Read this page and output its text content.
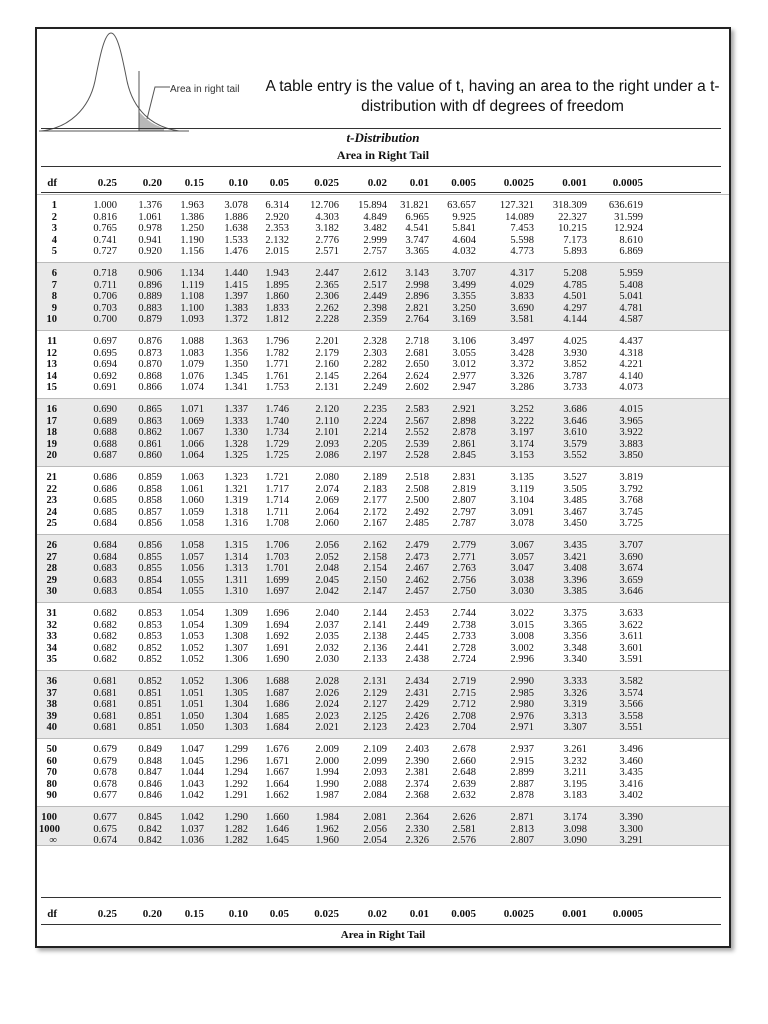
Area in right tail A table entry is the value of t, having an area to the right under a t-distribution with df degrees of freedom
t-Distribution
Area in Right Tail
df	0.25	0.20	0.15	0.10	0.05	0.025	0.02	0.01	0.005	0.0025	0.001	0.0005
1	1.000	1.376	1.963	3.078	6.314	12.706	15.894 31.821	63.657	127.321	318.309	636.619
2	0.816	1.061	1.386	1.886	2.920	4.303	4.849	6.965	9.925	14.089	22.327	31.599
3	0.765	0.978	1.250	1.638	2.353	3.182	3.482	4.541	5.841	7.453	10.215	12.924
4	0.741	0.941	1.190	1.533	2.132	2.776	2.999	3.747	4.604	5.598	7.173	8.610
5	0.727	0.920	1.156	1.476	2.015	2.571	2.757	3.365	4.032	4.773	5.893	6.869
6	0.718	0.906	1.134	1.440	1.943	2.447	2.612	3.143	3.707	4.317	5.208	5.959
7	0.711	0.896	1.119	1.415	1.895	2.365	2.517	2.998	3.499	4.029	4.785	5.408
8	0.706	0.889	1.108	1.397	1.860	2.306	2.449	2.896	3.355	3.833	4.501	5.041
9	0.703	0.883	1.100	1.383	1.833	2.262	2.398	2.821	3.250	3.690	4.297	4.781
10	0.700	0.879	1.093	1.372	1.812	2.228	2.359	2.764	3.169	3.581	4.144	4.587
11	0.697	0.876	1.088	1.363	1.796	2.201	2.328	2.718	3.106	3.497	4.025	4.437
12	0.695	0.873	1.083	1.356	1.782	2.179	2.303	2.681	3.055	3.428	3.930	4.318
13	0.694	0.870	1.079	1.350	1.771	2.160	2.282	2.650	3.012	3.372	3.852	4.221
14	0.692	0.868	1.076	1.345	1.761	2.145	2.264	2.624	2.977	3.326	3.787	4.140
15	0.691	0.866	1.074	1.341	1.753	2.131	2.249	2.602	2.947	3.286	3.733	4.073
16	0.690	0.865	1.071	1.337	1.746	2.120	2.235	2.583	2.921	3.252	3.686	4.015
17	0.689	0.863	1.069	1.333	1.740	2.110	2.224	2.567	2.898	3.222	3.646	3.965
18	0.688	0.862	1.067	1.330	1.734	2.101	2.214	2.552	2.878	3.197	3.610	3.922
19	0.688	0.861	1.066	1.328	1.729	2.093	2.205	2.539	2.861	3.174	3.579	3.883
20	0.687	0.860	1.064	1.325	1.725	2.086	2.197	2.528	2.845	3.153	3.552	3.850
21	0.686	0.859	1.063	1.323	1.721	2.080	2.189	2.518	2.831	3.135	3.527	3.819
22	0.686	0.858	1.061	1.321	1.717	2.074	2.183	2.508	2.819	3.119	3.505	3.792
23	0.685	0.858	1.060	1.319	1.714	2.069	2.177	2.500	2.807	3.104	3.485	3.768
24	0.685	0.857	1.059	1.318	1.711	2.064	2.172	2.492	2.797	3.091	3.467	3.745
25	0.684	0.856	1.058	1.316	1.708	2.060	2.167	2.485	2.787	3.078	3.450	3.725
26	0.684	0.856	1.058	1.315	1.706	2.056	2.162	2.479	2.779	3.067	3.435	3.707
27	0.684	0.855	1.057	1.314	1.703	2.052	2.158	2.473	2.771	3.057	3.421	3.690
28	0.683	0.855	1.056	1.313	1.701	2.048	2.154	2.467	2.763	3.047	3.408	3.674
29	0.683	0.854	1.055	1.311	1.699	2.045	2.150	2.462	2.756	3.038	3.396	3.659
30	0.683	0.854	1.055	1.310	1.697	2.042	2.147	2.457	2.750	3.030	3.385	3.646
31	0.682	0.853	1.054	1.309	1.696	2.040	2.144	2.453	2.744	3.022	3.375	3.633
32	0.682	0.853	1.054	1.309	1.694	2.037	2.141	2.449	2.738	3.015	3.365	3.622
33	0.682	0.853	1.053	1.308	1.692	2.035	2.138	2.445	2.733	3.008	3.356	3.611
34	0.682	0.852	1.052	1.307	1.691	2.032	2.136	2.441	2.728	3.002	3.348	3.601
35	0.682	0.852	1.052	1.306	1.690	2.030	2.133	2.438	2.724	2.996	3.340	3.591
36	0.681	0.852	1.052	1.306	1.688	2.028	2.131	2.434	2.719	2.990	3.333	3.582
37	0.681	0.851	1.051	1.305	1.687	2.026	2.129	2.431	2.715	2.985	3.326	3.574
38	0.681	0.851	1.051	1.304	1.686	2.024	2.127	2.429	2.712	2.980	3.319	3.566
39	0.681	0.851	1.050	1.304	1.685	2.023	2.125	2.426	2.708	2.976	3.313	3.558
40	0.681	0.851	1.050	1.303	1.684	2.021	2.123	2.423	2.704	2.971	3.307	3.551
50	0.679	0.849	1.047	1.299	1.676	2.009	2.109	2.403	2.678	2.937	3.261	3.496
60	0.679	0.848	1.045	1.296	1.671	2.000	2.099	2.390	2.660	2.915	3.232	3.460
70	0.678	0.847	1.044	1.294	1.667	1.994	2.093	2.381	2.648	2.899	3.211	3.435
80	0.678	0.846	1.043	1.292	1.664	1.990	2.088	2.374	2.639	2.887	3.195	3.416
90	0.677	0.846	1.042	1.291	1.662	1.987	2.084	2.368	2.632	2.878	3.183	3.402
100	0.677	0.845	1.042	1.290	1.660	1.984	2.081	2.364	2.626	2.871	3.174	3.390
1000	0.675	0.842	1.037	1.282	1.646	1.962	2.056	2.330	2.581	2.813	3.098	3.300
∞	0.674	0.842	1.036	1.282	1.645	1.960	2.054	2.326	2.576	2.807	3.090	3.291
df	0.25	0.20	0.15	0.10	0.05	0.025	0.02	0.01	0.005	0.0025	0.001	0.0005
Area in Right Tail
